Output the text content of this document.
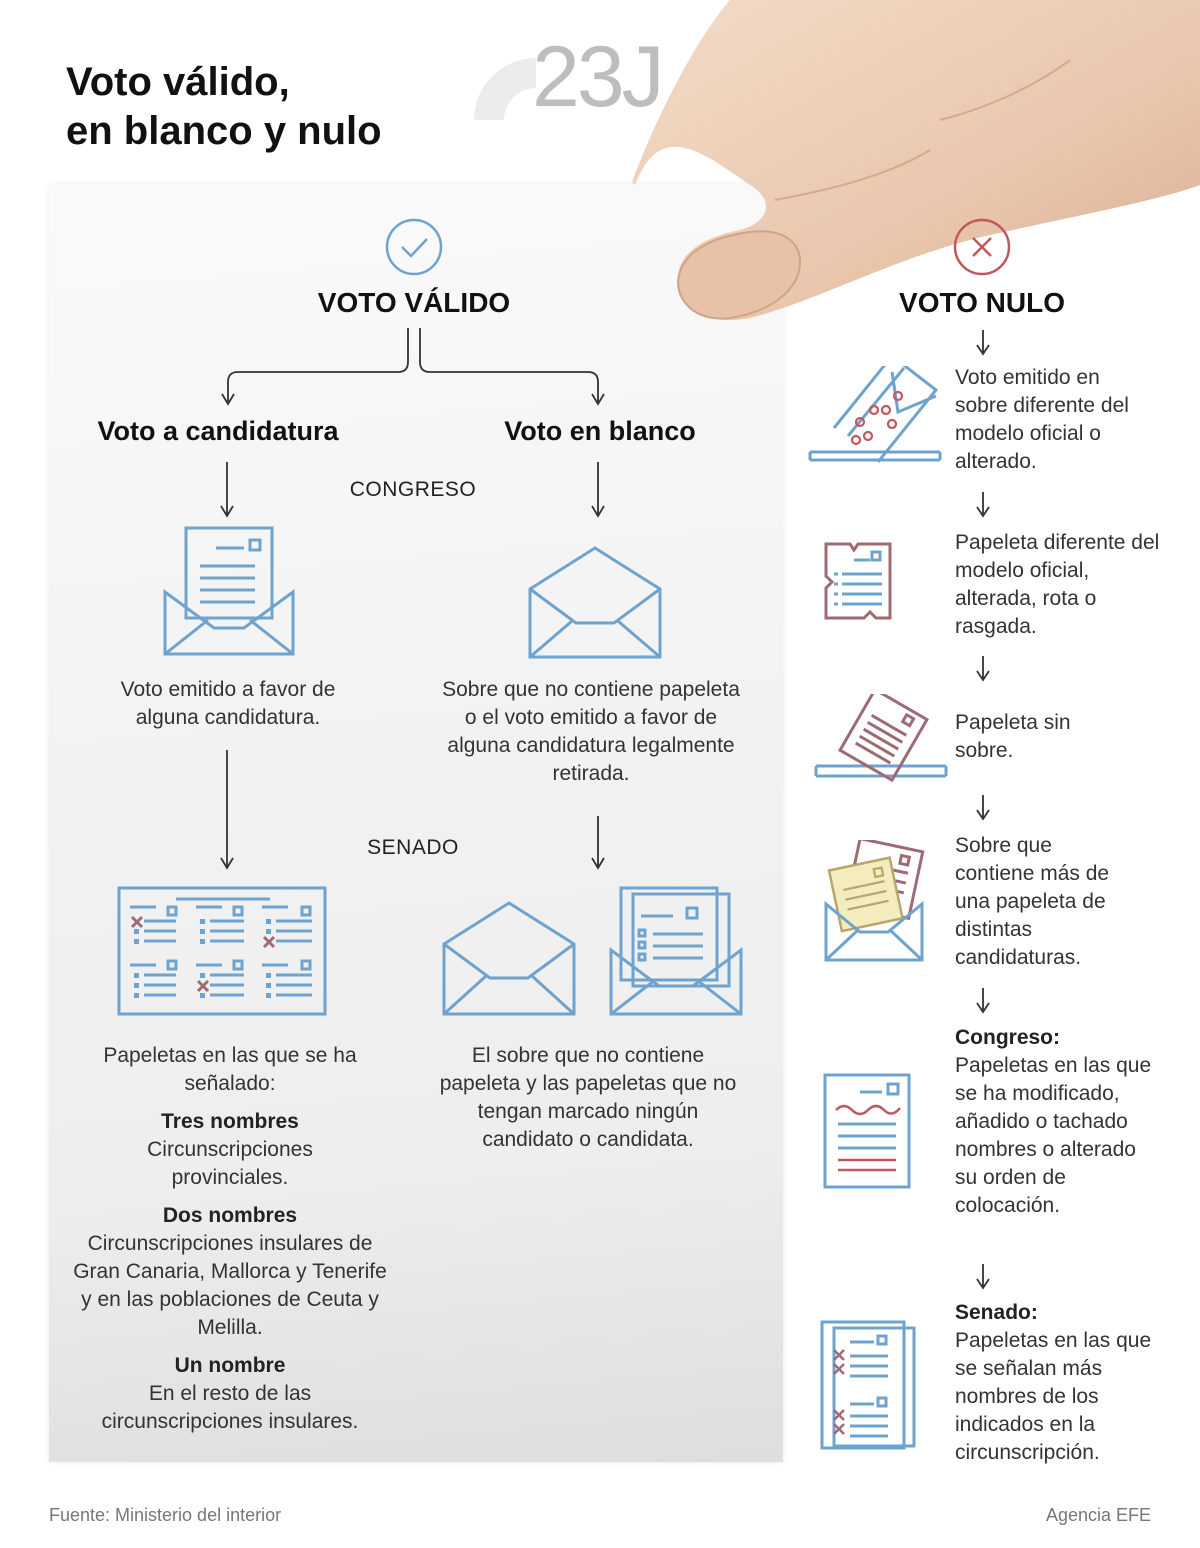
Voto válido,
en blanco y nulo
23J
VOTO VÁLIDO
Voto a candidatura	Voto en blanco
CONGRESO
SENADO
Voto emitido a favor de alguna candidatura.
Sobre que no contiene papeleta o el voto emitido a favor de alguna candidatura legalmente retirada.
Papeletas en las que se ha señalado:
Tres nombres
Circunscripciones provinciales.
Dos nombres
Circunscripciones insulares de Gran Canaria, Mallorca y Tenerife y en las poblaciones de Ceuta y Melilla.
Un nombre
En el resto de las circunscripciones insulares.
El sobre que no contiene papeleta y las papeletas que no tengan marcado ningún candidato o candidata.
VOTO NULO
Voto emitido en sobre diferente del modelo oficial o alterado.
Papeleta diferente del modelo oficial, alterada, rota o rasgada.
Papeleta sin sobre.
Sobre que contiene más de una papeleta de distintas candidaturas.
Congreso:
Papeletas en las que se ha modificado, añadido o tachado nombres o alterado su orden de colocación.
Senado:
Papeletas en las que se señalan más nombres de los indicados en la circunscripción.
Fuente: Ministerio del interior	Agencia EFE
